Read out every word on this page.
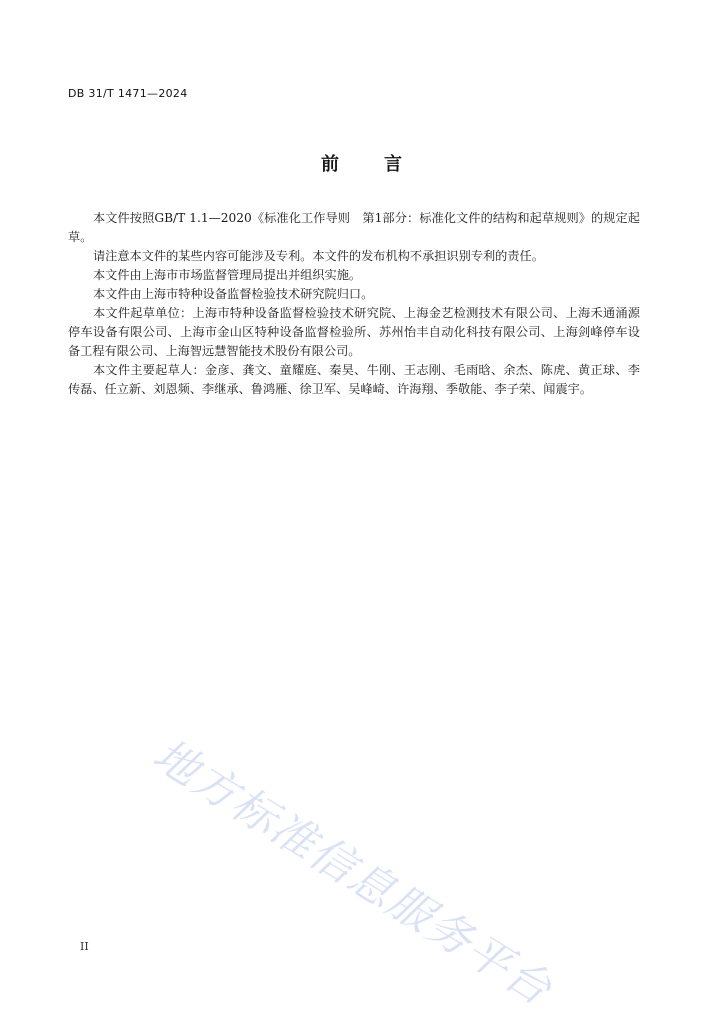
DB 31/T 1471—2024
前 言

本文件按照GB/T 1.1—2020《标准化工作导则　第1部分：标准化文件的结构和起草规则》的规定起草。

请注意本文件的某些内容可能涉及专利。本文件的发布机构不承担识别专利的责任。

本文件由上海市市场监督管理局提出并组织实施。

本文件由上海市特种设备监督检验技术研究院归口。

本文件起草单位：上海市特种设备监督检验技术研究院、上海金艺检测技术有限公司、上海禾通涌源停车设备有限公司、上海市金山区特种设备监督检验所、苏州怡丰自动化科技有限公司、上海剑峰停车设备工程有限公司、上海智远慧智能技术股份有限公司。

本文件主要起草人：金彦、龚文、童耀庭、秦昊、牛刚、王志刚、毛雨晗、余杰、陈虎、黄正球、李传磊、任立新、刘恩频、李继承、鲁鸿雁、徐卫军、吴峰崎、许海翔、季敬能、李子荣、闻震宇。

地方标准信息服务平台
II
